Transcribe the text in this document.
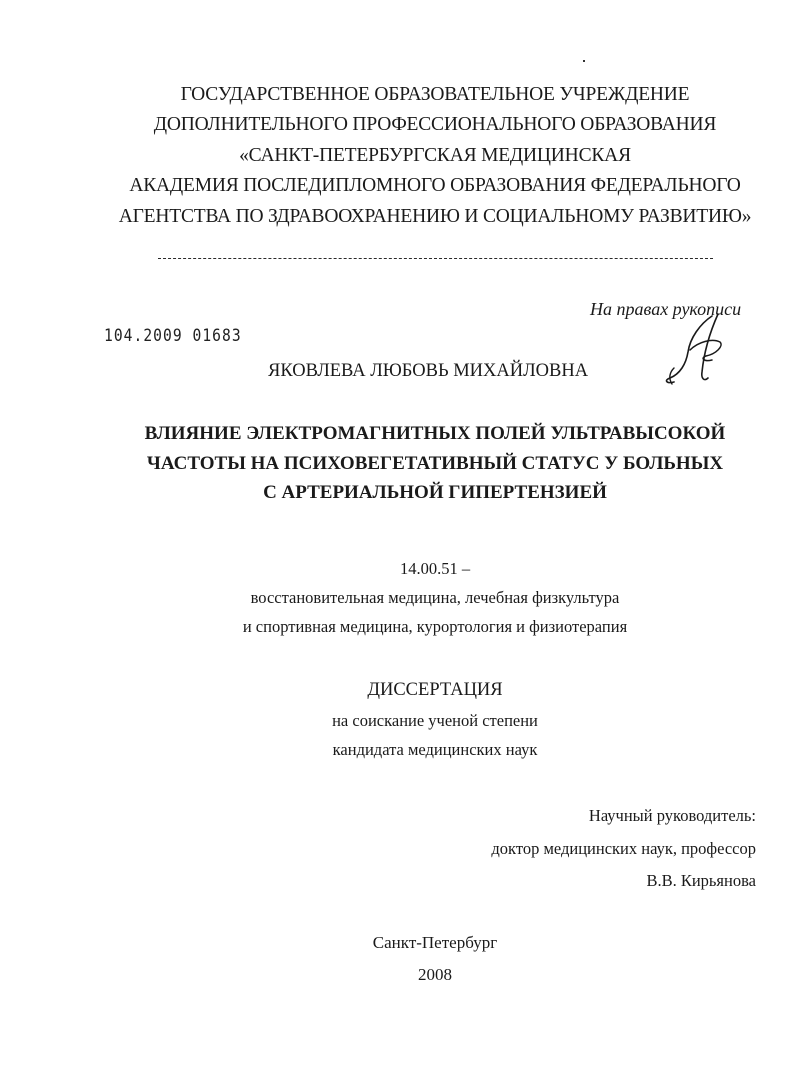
ГОСУДАРСТВЕННОЕ ОБРАЗОВАТЕЛЬНОЕ УЧРЕЖДЕНИЕ
ДОПОЛНИТЕЛЬНОГО ПРОФЕССИОНАЛЬНОГО ОБРАЗОВАНИЯ
«САНКТ-ПЕТЕРБУРГСКАЯ МЕДИЦИНСКАЯ
АКАДЕМИЯ ПОСЛЕДИПЛОМНОГО ОБРАЗОВАНИЯ ФЕДЕРАЛЬНОГО
АГЕНТСТВА ПО ЗДРАВООХРАНЕНИЮ И СОЦИАЛЬНОМУ РАЗВИТИЮ»
На правах рукописи
104.2009 01683
ЯКОВЛЕВА ЛЮБОВЬ МИХАЙЛОВНА
ВЛИЯНИЕ ЭЛЕКТРОМАГНИТНЫХ ПОЛЕЙ УЛЬТРАВЫСОКОЙ
ЧАСТОТЫ НА ПСИХОВЕГЕТАТИВНЫЙ СТАТУС У БОЛЬНЫХ
С АРТЕРИАЛЬНОЙ ГИПЕРТЕНЗИЕЙ
14.00.51 –
восстановительная медицина, лечебная физкультура
и спортивная медицина, курортология и физиотерапия
ДИССЕРТАЦИЯ
на соискание ученой степени
кандидата медицинских наук
Научный руководитель:
доктор медицинских наук, профессор
В.В. Кирьянова
Санкт-Петербург
2008
